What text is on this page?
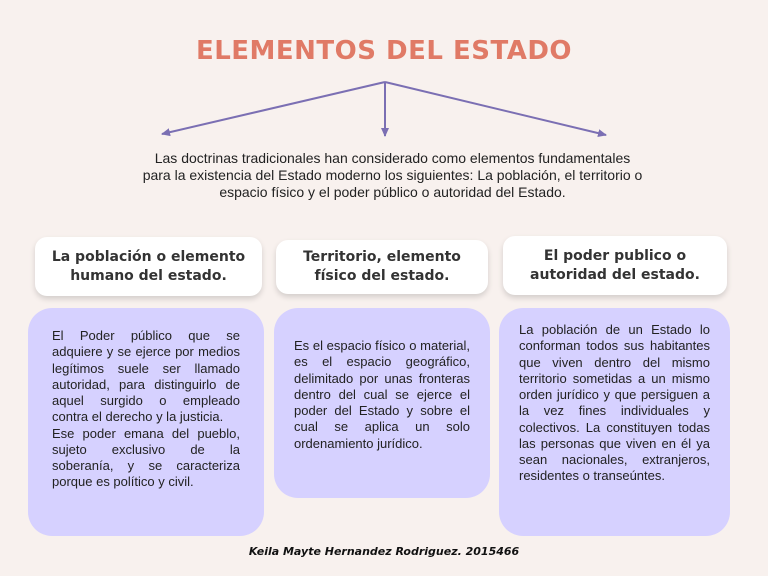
ELEMENTOS DEL ESTADO
Las doctrinas tradicionales han considerado como elementos fundamentales para la existencia del Estado moderno los siguientes: La población, el territorio o espacio físico y el poder público o autoridad del Estado.
La población o elemento humano del estado.

El Poder público que se adquiere y se ejerce por medios legítimos suele ser llamado autoridad, para distinguirlo de aquel surgido o empleado contra el derecho y la justicia.

Ese poder emana del pueblo, sujeto exclusivo de la soberanía, y se caracteriza porque es político y civil.

Territorio, elemento físico del estado.

Es el espacio físico o material, es el espacio geográfico, delimitado por unas fronteras dentro del cual se ejerce el poder del Estado y sobre el cual se aplica un solo ordenamiento jurídico.

El poder publico o autoridad del estado.

La población de un Estado lo conforman todos sus habitantes que viven dentro del mismo territorio sometidas a un mismo orden jurídico y que persiguen a la vez fines individuales y colectivos. La constituyen todas las personas que viven en él ya sean nacionales, extranjeros, residentes o transeúntes.

Keila Mayte Hernandez Rodriguez. 2015466
